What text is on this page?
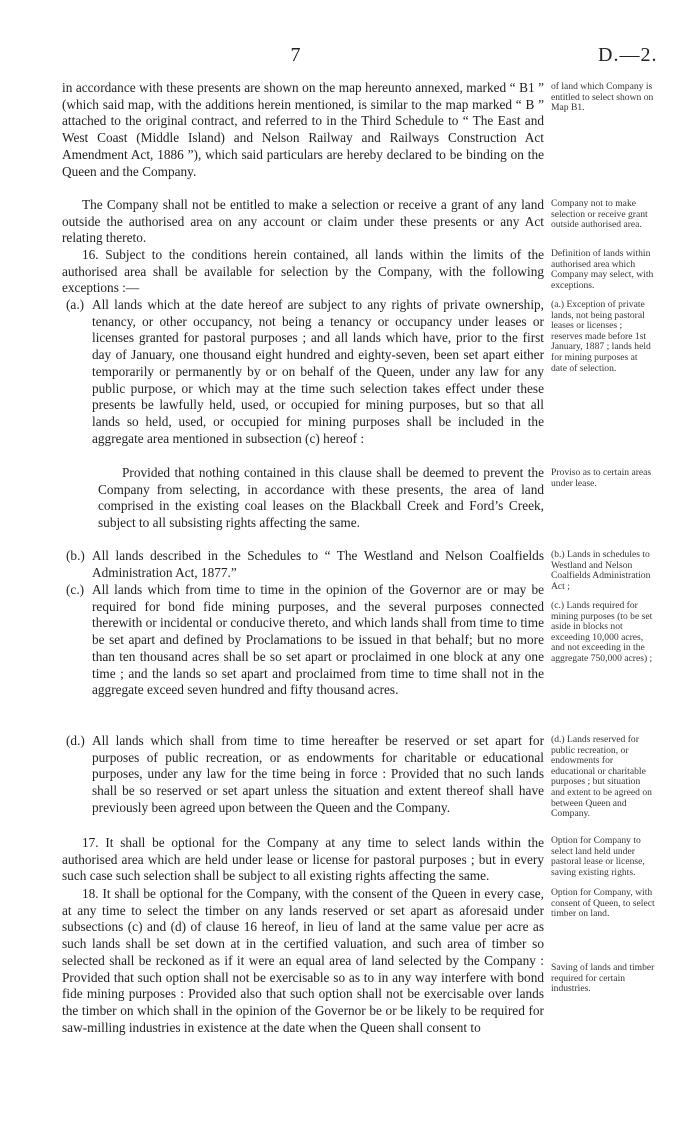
7	D.—2.

in accordance with these presents are shown on the map hereunto annexed, marked “ B1 ” (which said map, with the additions herein mentioned, is similar to the map marked “ B ” attached to the original contract, and referred to in the Third Schedule to “ The East and West Coast (Middle Island) and Nelson Railway and Railways Construction Act Amendment Act, 1886 ”), which said particulars are hereby declared to be binding on the Queen and the Company.

The Company shall not be entitled to make a selection or receive a grant of any land outside the authorised area on any account or claim under these presents or any Act relating thereto.

16. Subject to the conditions herein contained, all lands within the limits of the authorised area shall be available for selection by the Company, with the following exceptions :—

(a.) All lands which at the date hereof are subject to any rights of private ownership, tenancy, or other occupancy, not being a tenancy or occupancy under leases or licenses granted for pastoral purposes ; and all lands which have, prior to the first day of January, one thousand eight hundred and eighty-seven, been set apart either temporarily or permanently by or on behalf of the Queen, under any law for any public purpose, or which may at the time such selection takes effect under these presents be lawfully held, used, or occupied for mining purposes, but so that all lands so held, used, or occupied for mining purposes shall be included in the aggregate area mentioned in subsection (c) hereof :

Provided that nothing contained in this clause shall be deemed to prevent the Company from selecting, in accordance with these presents, the area of land comprised in the existing coal leases on the Blackball Creek and Ford’s Creek, subject to all subsisting rights affecting the same.

(b.) All lands described in the Schedules to “ The Westland and Nelson Coalfields Administration Act, 1877.”
(c.) All lands which from time to time in the opinion of the Governor are or may be required for bond fide mining purposes, and the several purposes connected therewith or incidental or conducive thereto, and which lands shall from time to time be set apart and defined by Proclamations to be issued in that behalf; but no more than ten thousand acres shall be so set apart or proclaimed in one block at any one time ; and the lands so set apart and proclaimed from time to time shall not in the aggregate exceed seven hundred and fifty thousand acres.
(d.) All lands which shall from time to time hereafter be reserved or set apart for purposes of public recreation, or as endowments for charitable or educational purposes, under any law for the time being in force : Provided that no such lands shall be so reserved or set apart unless the situation and extent thereof shall have previously been agreed upon between the Queen and the Company.

17. It shall be optional for the Company at any time to select lands within the authorised area which are held under lease or license for pastoral purposes ; but in every such case such selection shall be subject to all existing rights affecting the same.

18. It shall be optional for the Company, with the consent of the Queen in every case, at any time to select the timber on any lands reserved or set apart as aforesaid under subsections (c) and (d) of clause 16 hereof, in lieu of land at the same value per acre as such lands shall be set down at in the certified valuation, and such area of timber so selected shall be reckoned as if it were an equal area of land selected by the Company : Provided that such option shall not be exercisable so as to in any way interfere with bond fide mining purposes : Provided also that such option shall not be exercisable over lands the timber on which shall in the opinion of the Governor be or be likely to be required for saw-milling industries in existence at the date when the Queen shall consent to

of land which Company is entitled to select shown on Map B1.
Company not to make selection or receive grant outside authorised area.
Definition of lands within authorised area which Company may select, with exceptions.
(a.) Exception of private lands, not being pastoral leases or licenses ; reserves made before 1st January, 1887 ; lands held for mining purposes at date of selection.
Proviso as to certain areas under lease.
(b.) Lands in schedules to Westland and Nelson Coalfields Administration Act ;
(c.) Lands required for mining purposes (to be set aside in blocks not exceeding 10,000 acres, and not exceeding in the aggregate 750,000 acres) ;
(d.) Lands reserved for public recreation, or endowments for educational or charitable purposes ; but situation and extent to be agreed on between Queen and Company.
Option for Company to select land held under pastoral lease or license, saving existing rights.
Option for Company, with consent of Queen, to select timber on land.
Saving of lands and timber required for certain industries.
